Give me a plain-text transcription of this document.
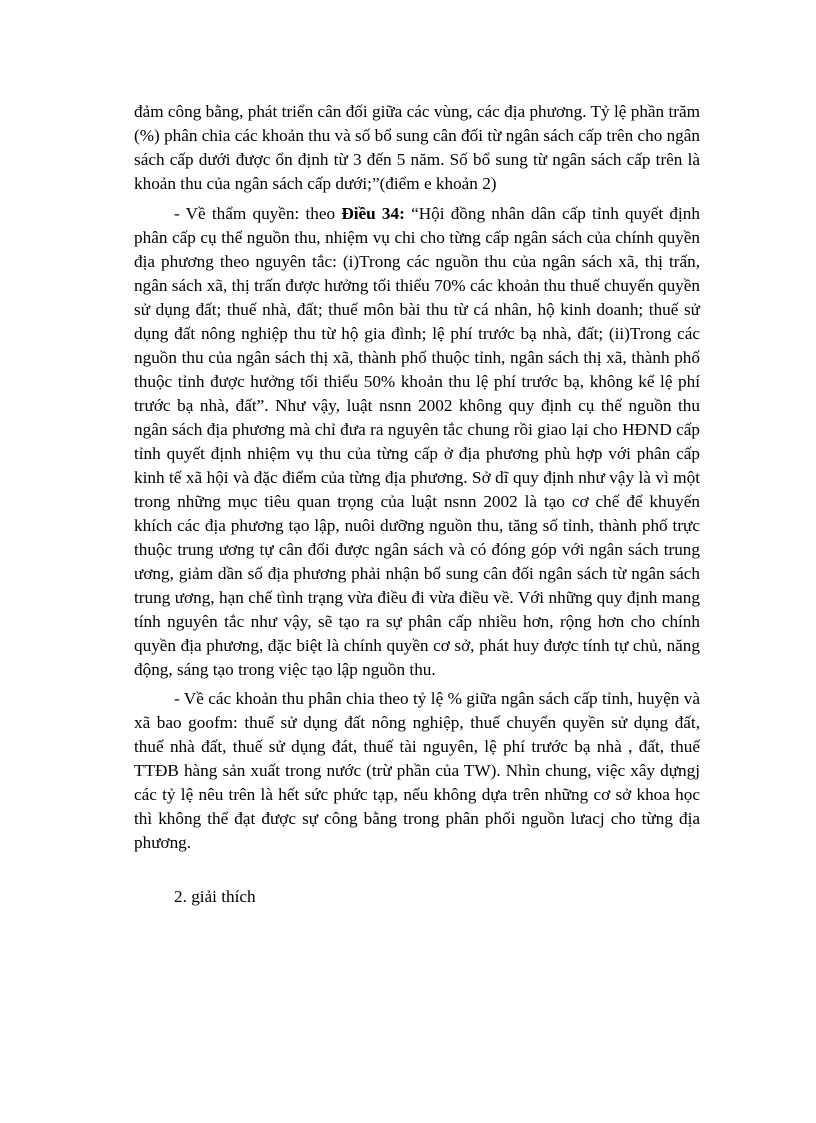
đảm công bằng, phát triển cân đối giữa các vùng, các địa phương. Tỷ lệ phần trăm (%) phân chia các khoản thu và số bổ sung cân đối từ ngân sách cấp trên cho ngân sách cấp dưới được ổn định từ 3 đến 5 năm. Số bổ sung từ ngân sách cấp trên là khoản thu của ngân sách cấp dưới;”(điểm e khoản 2)

- Về thẩm quyền: theo Điều 34: “Hội đồng nhân dân cấp tỉnh quyết định phân cấp cụ thể nguồn thu, nhiệm vụ chi cho từng cấp ngân sách của chính quyền địa phương theo nguyên tắc: (i)Trong các nguồn thu của ngân sách xã, thị trấn, ngân sách xã, thị trấn được hưởng tối thiểu 70% các khoản thu thuế chuyển quyền sử dụng đất; thuế nhà, đất; thuế môn bài thu từ cá nhân, hộ kinh doanh; thuế sử dụng đất nông nghiệp thu từ hộ gia đình; lệ phí trước bạ nhà, đất; (ii)Trong các nguồn thu của ngân sách thị xã, thành phố thuộc tỉnh, ngân sách thị xã, thành phố thuộc tỉnh được hưởng tối thiểu 50% khoản thu lệ phí trước bạ, không kể lệ phí trước bạ nhà, đất”. Như vậy, luật nsnn 2002 không quy định cụ thể nguồn thu ngân sách địa phương mà chỉ đưa ra nguyên tắc chung rồi giao lại cho HĐND cấp tỉnh quyết định nhiệm vụ thu của từng cấp ở địa phương phù hợp với phân cấp kinh tế xã hội và đặc điểm của từng địa phương. Sở dĩ quy định như vậy là vì một trong những mục tiêu quan trọng của luật nsnn 2002 là tạo cơ chế để khuyến khích các địa phương tạo lập, nuôi dưỡng nguồn thu, tăng số tỉnh, thành phố trực thuộc trung ương tự cân đối được ngân sách và có đóng góp với ngân sách trung ương, giảm dần số địa phương phải nhận bổ sung cân đối ngân sách từ ngân sách trung ương, hạn chế tình trạng vừa điều đi vừa điều về. Với những quy định mang tính nguyên tắc như vậy, sẽ tạo ra sự phân cấp nhiều hơn, rộng hơn cho chính quyền địa phương, đặc biệt là chính quyền cơ sở, phát huy được tính tự chủ, năng động, sáng tạo trong việc tạo lập nguồn thu.

- Về các khoản thu phân chia theo tỷ lệ % giữa ngân sách cấp tỉnh, huyện và xã bao goofm: thuế sử dụng đất nông nghiệp, thuế chuyển quyền sử dụng đất, thuế nhà đất, thuế sử dụng đát, thuế tài nguyên, lệ phí trước bạ nhà , đất, thuế TTĐB hàng sản xuất trong nước (trừ phần của TW). Nhìn chung, việc xây dựngj các tỷ lệ nêu trên là hết sức phức tạp, nếu không dựa trên những cơ sở khoa học thì không thể đạt được sự công bằng trong phân phối nguồn lưacj cho từng địa phương.

2. giải thích
